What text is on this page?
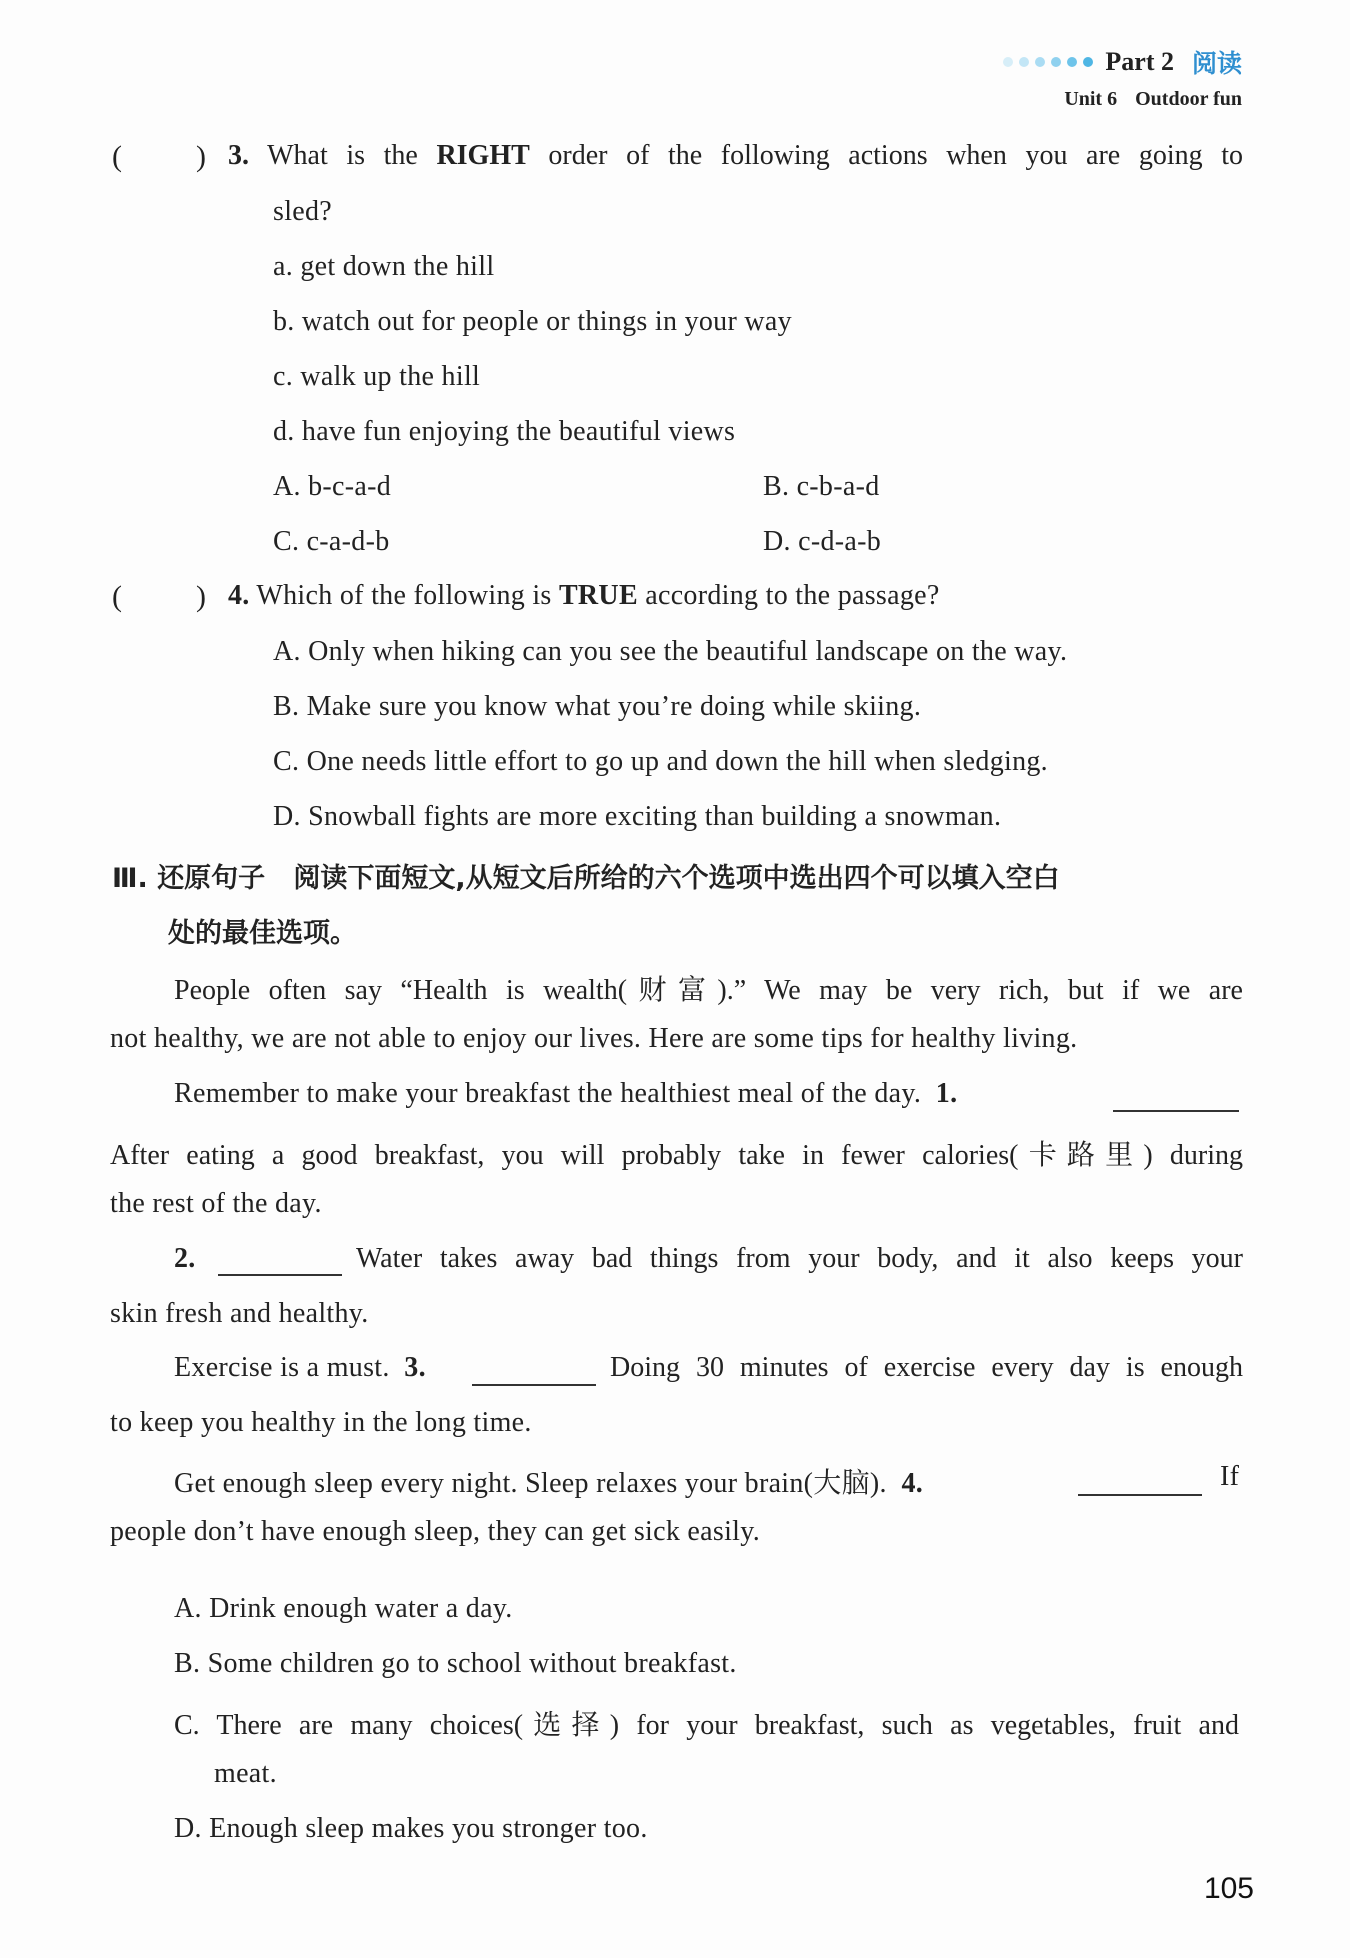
Part 2 阅读
Unit 6 Outdoor fun
( ) 3. What is the RIGHT order of the following actions when you are going to
sled?
a. get down the hill
b. watch out for people or things in your way
c. walk up the hill
d. have fun enjoying the beautiful views
A. b-c-a-d	B. c-b-a-d
C. c-a-d-b	D. c-d-a-b
( ) 4. Which of the following is TRUE according to the passage?
A. Only when hiking can you see the beautiful landscape on the way.
B. Make sure you know what you’re doing while skiing.
C. One needs little effort to go up and down the hill when sledging.
D. Snowball fights are more exciting than building a snowman.
Ⅲ. 还原句子 阅读下面短文,从短文后所给的六个选项中选出四个可以填入空白
处的最佳选项。
People often say “Health is wealth(财富).” We may be very rich, but if we are
not healthy, we are not able to enjoy our lives. Here are some tips for healthy living.
Remember to make your breakfast the healthiest meal of the day. 1.
After eating a good breakfast, you will probably take in fewer calories(卡路里) during
the rest of the day.
2.	Water takes away bad things from your body, and it also keeps your
skin fresh and healthy.
Exercise is a must. 3.	Doing 30 minutes of exercise every day is enough
to keep you healthy in the long time.
Get enough sleep every night. Sleep relaxes your brain(大脑). 4.	If
people don’t have enough sleep, they can get sick easily.
A. Drink enough water a day.
B. Some children go to school without breakfast.
C. There are many choices(选择) for your breakfast, such as vegetables, fruit and
meat.
D. Enough sleep makes you stronger too.
105
